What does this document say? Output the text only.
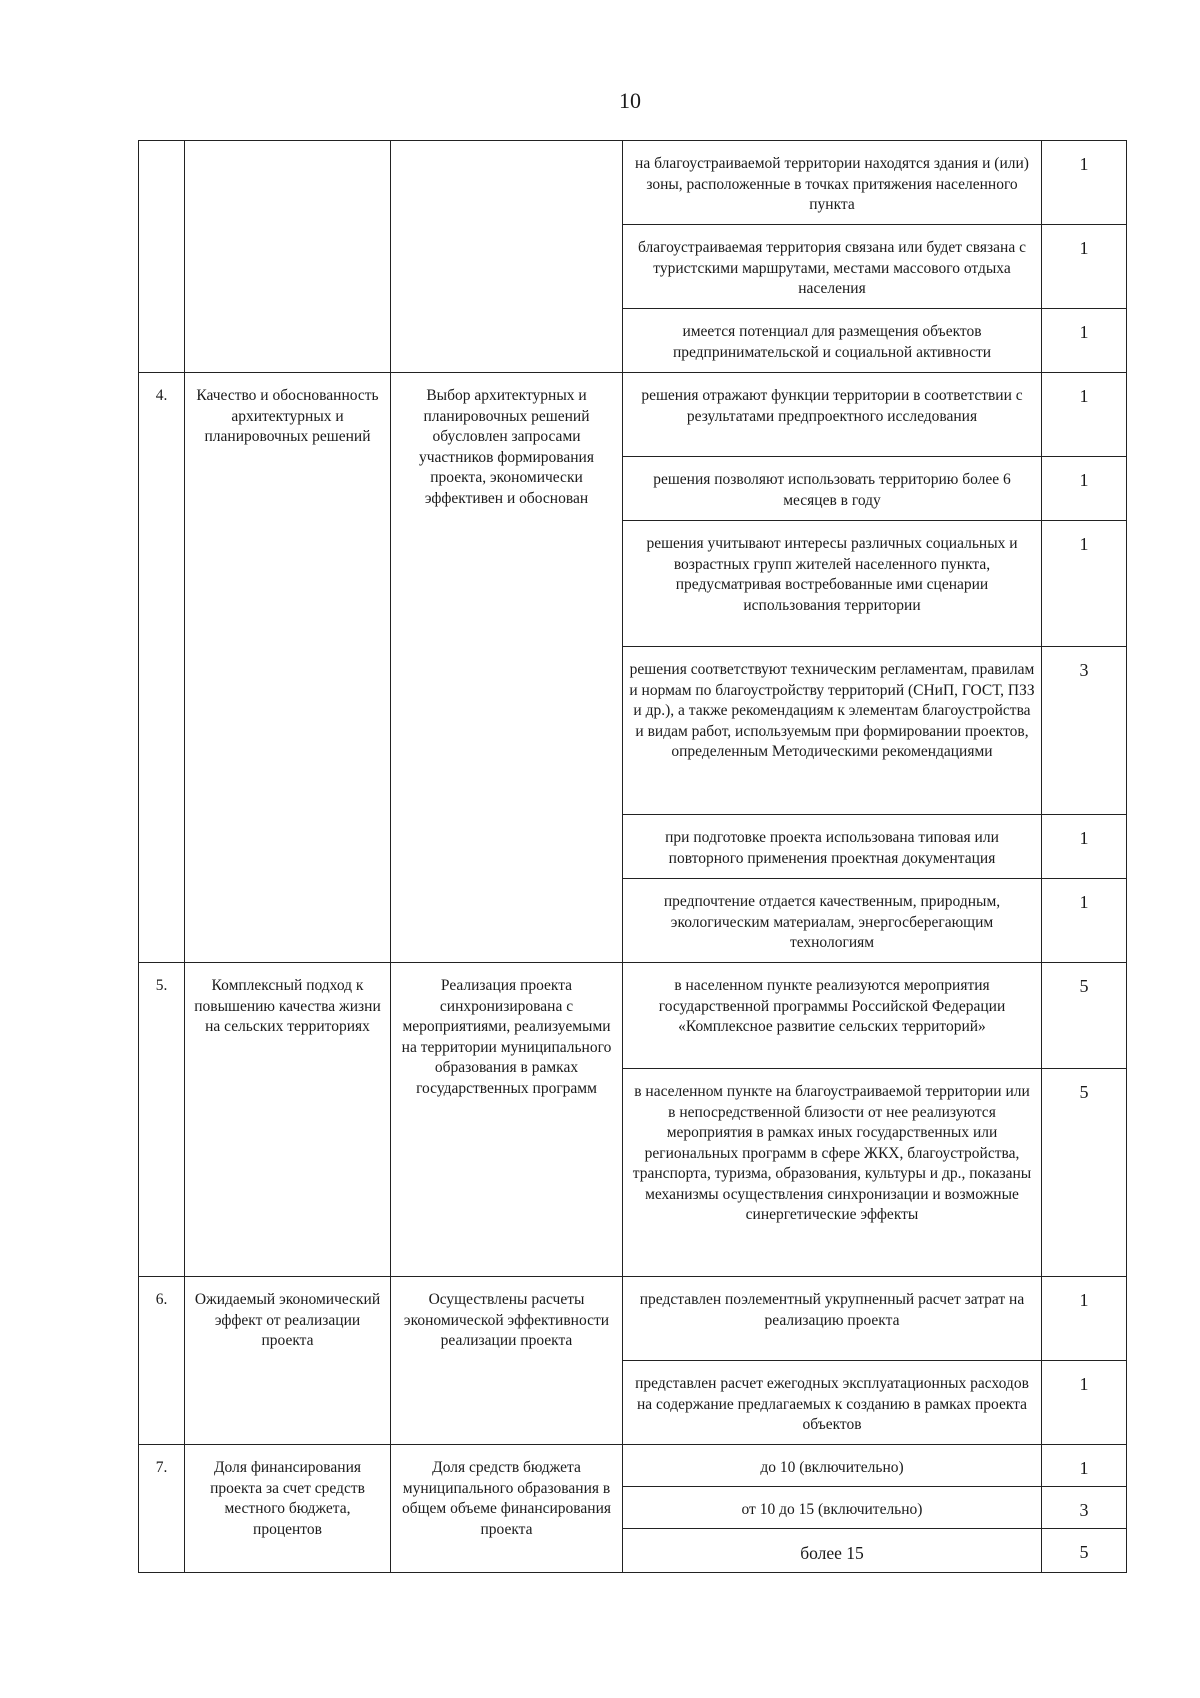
10
			на благоустраиваемой территории находятся здания и (или) зоны, расположенные в точках притяжения населенного пункта	1
			благоустраиваемая территория связана или будет связана с туристскими маршрутами, местами массового отдыха населения	1
			имеется потенциал для размещения объектов предпринимательской и социальной активности	1
4.	Качество и обоснованность архитектурных и планировочных решений	Выбор архитектурных и планировочных решений обусловлен запросами участников формирования проекта, экономически эффективен и обоснован	решения отражают функции территории в соответствии с результатами предпроектного исследования	1
			решения позволяют использовать территорию более 6 месяцев в году	1
			решения учитывают интересы различных социальных и возрастных групп жителей населенного пункта, предусматривая востребованные ими сценарии использования территории	1
			решения соответствуют техническим регламентам, правилам и нормам по благоустройству территорий (СНиП, ГОСТ, ПЗЗ и др.), а также рекомендациям к элементам благоустройства и видам работ, используемым при формировании проектов, определенным Методическими рекомендациями	3
			при подготовке проекта использована типовая или повторного применения проектная документация	1
			предпочтение отдается качественным, природным, экологическим материалам, энергосберегающим технологиям	1
5.	Комплексный подход к повышению качества жизни на сельских территориях	Реализация проекта синхронизирована с мероприятиями, реализуемыми на территории муниципального образования в рамках государственных программ	в населенном пункте реализуются мероприятия государственной программы Российской Федерации «Комплексное развитие сельских территорий»	5
			в населенном пункте на благоустраиваемой территории или в непосредственной близости от нее реализуются мероприятия в рамках иных государственных или региональных программ в сфере ЖКХ, благоустройства, транспорта, туризма, образования, культуры и др., показаны механизмы осуществления синхронизации и возможные синергетические эффекты	5
6.	Ожидаемый экономический эффект от реализации проекта	Осуществлены расчеты экономической эффективности реализации проекта	представлен поэлементный укрупненный расчет затрат на реализацию проекта	1
			представлен расчет ежегодных эксплуатационных расходов на содержание предлагаемых к созданию в рамках проекта объектов	1
7.	Доля финансирования проекта за счет средств местного бюджета, процентов	Доля средств бюджета муниципального образования в общем объеме финансирования проекта	до 10 (включительно)	1
			от 10 до 15 (включительно)	3
			более 15	5
